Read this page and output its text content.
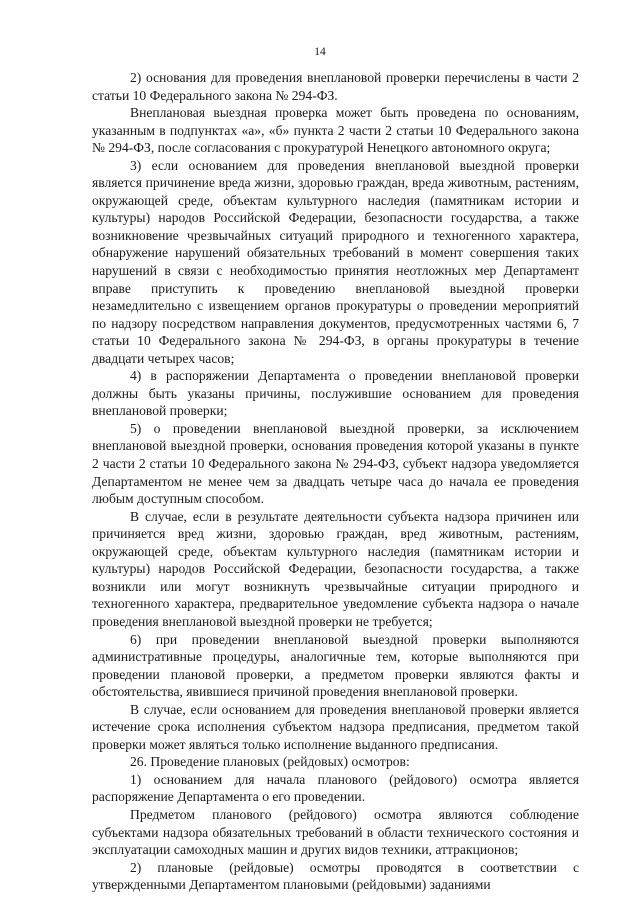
14

2) основания для проведения внеплановой проверки перечислены в части 2 статьи 10 Федерального закона № 294-ФЗ.

Внеплановая выездная проверка может быть проведена по основаниям, указанным в подпунктах «а», «б» пункта 2 части 2 статьи 10 Федерального закона № 294-ФЗ, после согласования с прокуратурой Ненецкого автономного округа;

3) если основанием для проведения внеплановой выездной проверки является причинение вреда жизни, здоровью граждан, вреда животным, растениям, окружающей среде, объектам культурного наследия (памятникам истории и культуры) народов Российской Федерации, безопасности государства, а также возникновение чрезвычайных ситуаций природного и техногенного характера, обнаружение нарушений обязательных требований в момент совершения таких нарушений в связи с необходимостью принятия неотложных мер Департамент вправе приступить к проведению внеплановой выездной проверки незамедлительно с извещением органов прокуратуры о проведении мероприятий по надзору посредством направления документов, предусмотренных частями 6, 7 статьи 10 Федерального закона № 294-ФЗ, в органы прокуратуры в течение двадцати четырех часов;

4) в распоряжении Департамента о проведении внеплановой проверки должны быть указаны причины, послужившие основанием для проведения внеплановой проверки;

5) о проведении внеплановой выездной проверки, за исключением внеплановой выездной проверки, основания проведения которой указаны в пункте 2 части 2 статьи 10 Федерального закона № 294-ФЗ, субъект надзора уведомляется Департаментом не менее чем за двадцать четыре часа до начала ее проведения любым доступным способом.

В случае, если в результате деятельности субъекта надзора причинен или причиняется вред жизни, здоровью граждан, вред животным, растениям, окружающей среде, объектам культурного наследия (памятникам истории и культуры) народов Российской Федерации, безопасности государства, а также возникли или могут возникнуть чрезвычайные ситуации природного и техногенного характера, предварительное уведомление субъекта надзора о начале проведения внеплановой выездной проверки не требуется;

6) при проведении внеплановой выездной проверки выполняются административные процедуры, аналогичные тем, которые выполняются при проведении плановой проверки, а предметом проверки являются факты и обстоятельства, явившиеся причиной проведения внеплановой проверки.

В случае, если основанием для проведения внеплановой проверки является истечение срока исполнения субъектом надзора предписания, предметом такой проверки может являться только исполнение выданного предписания.

26. Проведение плановых (рейдовых) осмотров:

1) основанием для начала планового (рейдового) осмотра является распоряжение Департамента о его проведении.

Предметом планового (рейдового) осмотра являются соблюдение субъектами надзора обязательных требований в области технического состояния и эксплуатации самоходных машин и других видов техники, аттракционов;

2) плановые (рейдовые) осмотры проводятся в соответствии с утвержденными Департаментом плановыми (рейдовыми) заданиями
